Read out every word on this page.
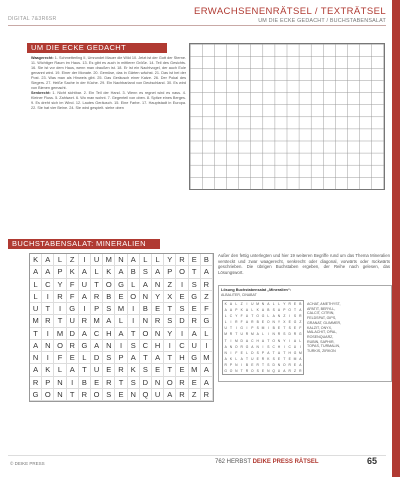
DIGITAL 7&3R6SR
ERWACHSENENRÄTSEL / TEXTRÄTSEL
UM DIE ECKE GEDACHT / BUCHSTABENSALAT
UM DIE ECKE GEDACHT
Waagerecht: 1. Schmetterling II, Umrundet Mauer die Wild 10. Jetzt ist der Gott der Sterne. 11. Wichtiger Raum im Haus. 13. Es gibt es auch in mittlerer Größe. 14. Teil des Gesichts. 16. Sie ist vor dem Haus, wenn man draußen ist. 18. Er ist ein Nachtvogel, der auch Eule genannt wird. 19. Einer der Monate. 20. Gemüse, das in Gärten wächst. 21. Das ist bei der Post. 23. Was man als Hinweis gibt. 25. Das Geräusch einer Katze. 26. Der Pokal des Siegers. 27. Heiße Sache in der Küche. 29. Ein Nachbarland von Deutschland. 30. Es wird von Bienen gemacht.
Senkrecht: 1. Nicht sichtbar. 2. Ein Teil der Hand. 3. Wenn es regnet wird es nass. 4. Kleiner Fluss. 5. Zahlwort. 6. Wo man wohnt. 7. Gegenteil von oben. 8. Spitze eines Berges. 9. Es dreht sich im Wind. 12. Lautes Geräusch. 15. Eine Farbe. 17. Hauptstadt in Europa. 22. Sie hat vier Beine. 24. Sie wird gespielt. siehe oben
BUCHSTABENSALAT: MINERALIEN
K A	L	Z	I	U M N A	L	L	Y R E B
A A P K A	L	K A B S A P O T A
L C Y F U T O G L	A N Z	I	S R
L	I	R F A R B E O N Y X E G Z
U T	I	G	I	P S M	I	B E T S E F
M R T U R M A	L	I	N R S D R G
T	I	M D A C H A T O N Y	I	A	L
A N O R G A N	I	S C H	I	C U	I
N	I	F E	L D S P A T A T H G M
A K	L	A T U E R K S E T E M A
R P N	I	B E R T S D N O R E A
G O N T R O S E N Q U A R Z R
Außer den fettig unterlegten und hier 19 weiteren Begriffe rund um das Thema Mineralien versteckt und zwar waagerecht, senkrecht oder diagonal, vorwärts oder rückwärts geschrieben. Die übrigen Buchstaben ergeben, der Reihe nach gelesen, das Lösungswort.
Lösung Buchstabensalat „Mineralien“:
ALBALITER, CINABAT
K A	L	Z	I	U M N A	L	L	Y R E B
A A P K A	L	K A B S A P O T A
L C Y F U T O G L	A N Z	I	S R
L	I	R F A R B E O N Y X E G Z
U T	I	G	I	P S M	I	B E T S E F
M R T U R M A L	I	N R S D R G
T	I	M D A C H A T O N Y	I	A	L
A N O R G A N	I	S C H	I	C U	I
N	I	F E L D S P A T A T H G M
A K	L	A T U E R K S E T E M A
R P N	I	B E R T S D N O R E A
G O N T R O S E N Q U A R Z R
ACHAT, AMETHYST,
APATIT, BERYLL,
CALCIT, CITRIN,
FELDSPAT, GIPS,
GRANAT, GLIMMER,
KALZIT, ONYX,
MALACHIT, OPAL,
ROSENQUARZ,
RUBIN, SAPHIR,
TOPAS, TURMALIN,
TURKIS, ZIRKON
© DEIKE PRESS	762 HERBST DEIKE PRESS RÄTSEL	65
